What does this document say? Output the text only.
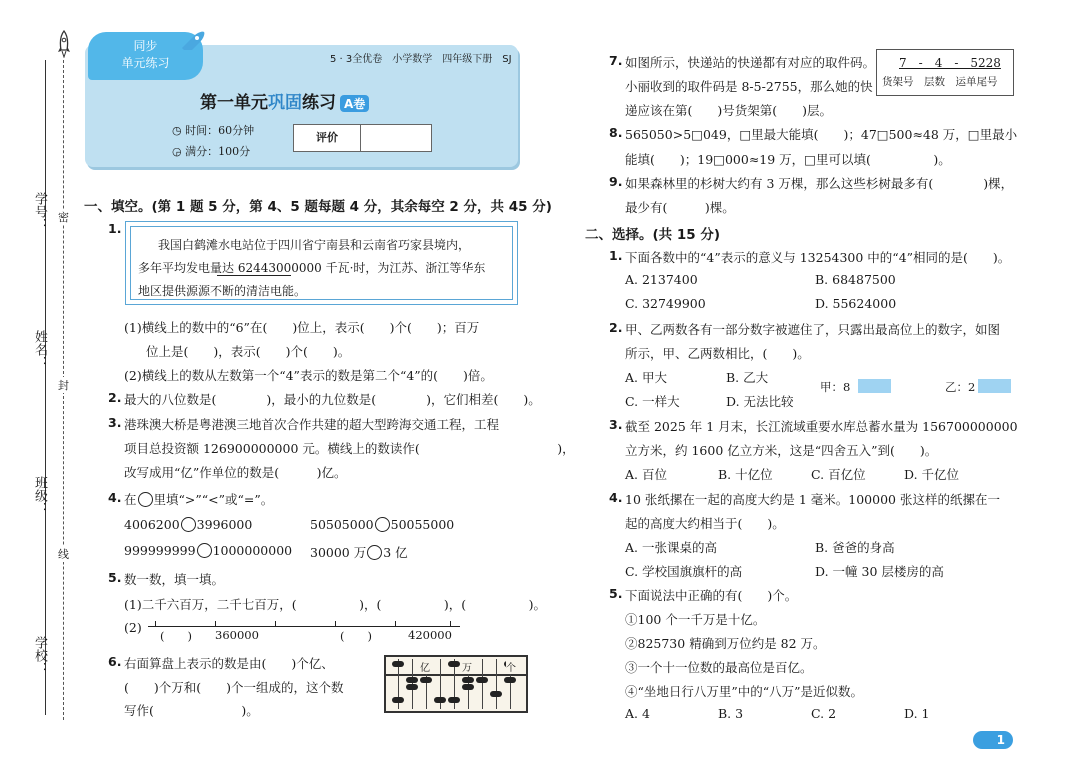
学号：
姓名：
班级：
学校：
密
封
线
同步
单元练习	5 · 3全优卷　小学数学　四年级下册　SJ
第一单元巩固练习 A卷
◷ 时间：60分钟
◶ 满分：100分
评价
一、填空。(第 1 题 5 分，第 4、5 题每题 4 分，其余每空 2 分，共 45 分)
1.
我国白鹤滩水电站位于四川省宁南县和云南省巧家县境内，
多年平均发电量达 62443000000 千瓦·时，为江苏、浙江等华东
地区提供源源不断的清洁电能。
(1)横线上的数中的“6”在(　　)位上，表示(　　)个(　　)；百万
位上是(　　)，表示(　　)个(　　)。
(2)横线上的数从左数第一个“4”表示的数是第二个“4”的(　　)倍。
2. 最大的八位数是(　　　　)，最小的九位数是(　　　　)，它们相差(　　)。
3. 港珠澳大桥是粤港澳三地首次合作共建的超大型跨海交通工程，工程
项目总投资额 126900000000 元。横线上的数读作(　　　　　　　　　　　)，
改写成用“亿”作单位的数是(　　　)亿。
4. 在 里填“>”“<”或“=”。
4006200 3996000	50505000 50055000
999999999 1000000000 30000 万 3 亿
5. 数一数，填一填。
(1)二千六百万，二千七百万，(　　　　　)，(　　　　　)，(　　　　　)。
(2)
(　　) 360000	(　　)	420000
6. 右面算盘上表示的数是由(　　)个亿、
(　　)个万和(　　)个一组成的，这个数
写作(　　　　　　　)。
亿	万	个
7. 如图所示，快递站的快递都有对应的取件码。
小丽收到的取件码是 8-5-2755，那么她的快
递应该在第(　　)号货架第(　　)层。
7　-　4　-　5228
货架号　层数　运单尾号
8. 565050>5□049，□里最大能填(　　)；47□500≈48 万，□里最小
能填(　　)；19□000≈19 万，□里可以填(　　　　　)。
9. 如果森林里的杉树大约有 3 万棵，那么这些杉树最多有(　　　　)棵，
最少有(　　　)棵。
二、选择。(共 15 分)
1. 下面各数中的“4”表示的意义与 13254300 中的“4”相同的是(　　)。
A. 2137400	B. 68487500
C. 32749900	D. 55624000
2. 甲、乙两数各有一部分数字被遮住了，只露出最高位上的数字，如图
所示，甲、乙两数相比，(　　)。
A. 甲大	B. 乙大
C. 一样大	D. 无法比较
甲：8	乙：2
3. 截至 2025 年 1 月末，长江流域重要水库总蓄水量为 156700000000
立方米，约 1600 亿立方米，这是“四舍五入”到(　　)。
A. 百位	B. 十亿位	C. 百亿位	D. 千亿位
4. 10 张纸摞在一起的高度大约是 1 毫米。100000 张这样的纸摞在一
起的高度大约相当于(　　)。
A. 一张课桌的高	B. 爸爸的身高
C. 学校国旗旗杆的高	D. 一幢 30 层楼房的高
5. 下面说法中正确的有(　　)个。
①100 个一千万是十亿。
②825730 精确到万位约是 82 万。
③一个十一位数的最高位是百亿。
④“坐地日行八万里”中的“八万”是近似数。
A. 4	B. 3	C. 2	D. 1
1
